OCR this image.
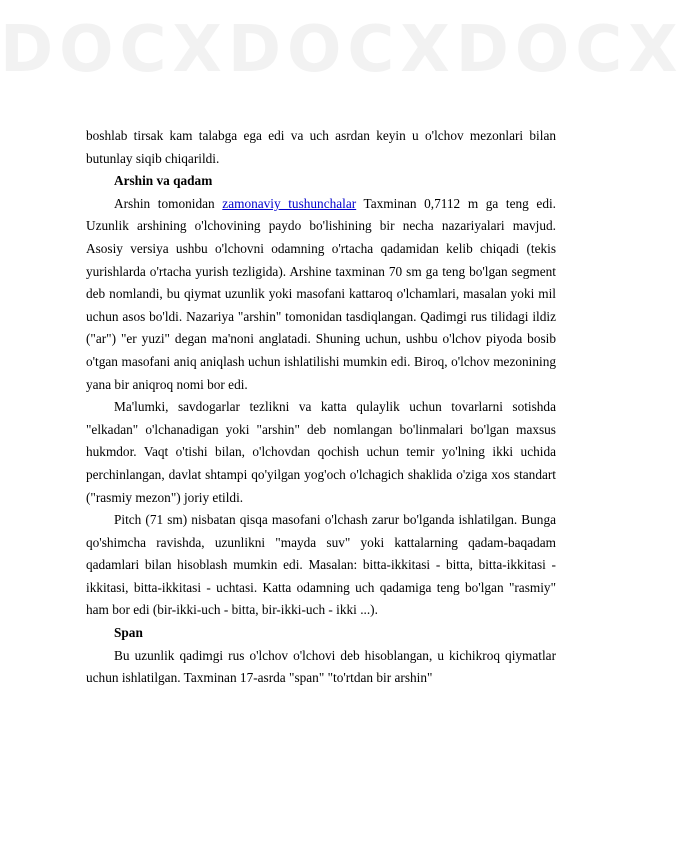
DOCX DOCX DOCX

boshlab tirsak kam talabga ega edi va uch asrdan keyin u o'lchov mezonlari bilan butunlay siqib chiqarildi.

Arshin va qadam

Arshin tomonidan zamonaviy tushunchalar Taxminan 0,7112 m ga teng edi. Uzunlik arshining o'lchovining paydo bo'lishining bir necha nazariyalari mavjud. Asosiy versiya ushbu o'lchovni odamning o'rtacha qadamidan kelib chiqadi (tekis yurishlarda o'rtacha yurish tezligida). Arshine taxminan 70 sm ga teng bo'lgan segment deb nomlandi, bu qiymat uzunlik yoki masofani kattaroq o'lchamlari, masalan yoki mil uchun asos bo'ldi. Nazariya "arshin" tomonidan tasdiqlangan. Qadimgi rus tilidagi ildiz ("ar") "er yuzi" degan ma'noni anglatadi. Shuning uchun, ushbu o'lchov piyoda bosib o'tgan masofani aniq aniqlash uchun ishlatilishi mumkin edi. Biroq, o'lchov mezonining yana bir aniqroq nomi bor edi.

Ma'lumki, savdogarlar tezlikni va katta qulaylik uchun tovarlarni sotishda "elkadan" o'lchanadigan yoki "arshin" deb nomlangan bo'linmalari bo'lgan maxsus hukmdor. Vaqt o'tishi bilan, o'lchovdan qochish uchun temir yo'lning ikki uchida perchinlangan, davlat shtampi qo'yilgan yog'och o'lchagich shaklida o'ziga xos standart ("rasmiy mezon") joriy etildi.

Pitch (71 sm) nisbatan qisqa masofani o'lchash zarur bo'lganda ishlatilgan. Bunga qo'shimcha ravishda, uzunlikni "mayda suv" yoki kattalarning qadam-baqadam qadamlari bilan hisoblash mumkin edi. Masalan: bitta-ikkitasi - bitta, bitta-ikkitasi - ikkitasi, bitta-ikkitasi - uchtasi. Katta odamning uch qadamiga teng bo'lgan "rasmiy" ham bor edi (bir-ikki-uch - bitta, bir-ikki-uch - ikki ...).

Span

Bu uzunlik qadimgi rus o'lchov o'lchovi deb hisoblangan, u kichikroq qiymatlar uchun ishlatilgan. Taxminan 17-asrda "span" "to'rtdan bir arshin"
